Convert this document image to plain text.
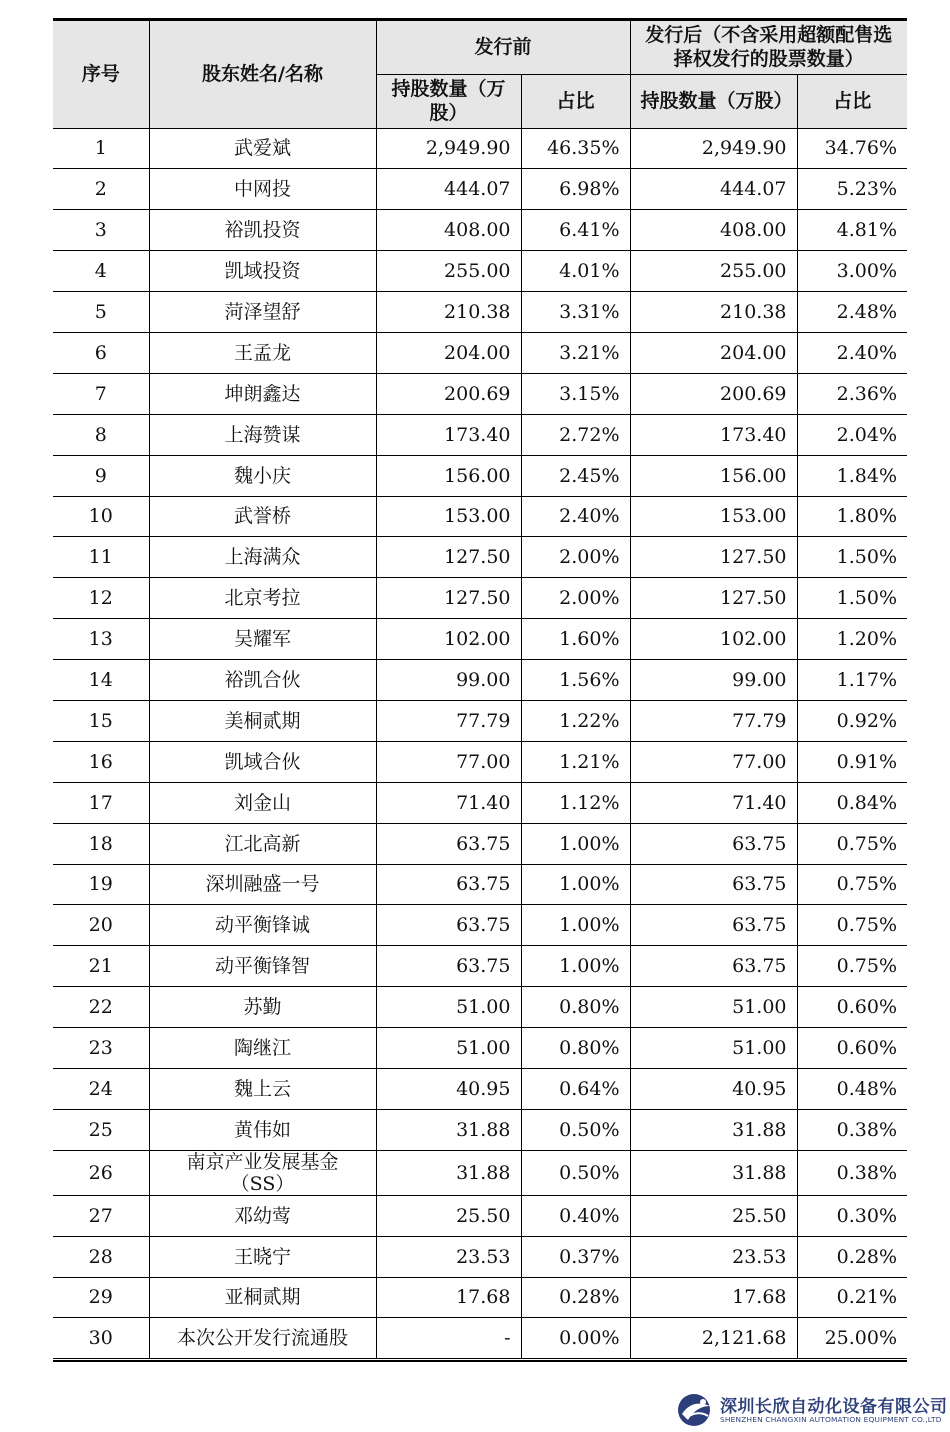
序号	股东姓名/名称	发行前		发行后（不含采用超额配售选择权发行的股票数量）	
		持股数量（万股）	占比	持股数量（万股）	占比
1	武爱斌	2,949.90	46.35%	2,949.90	34.76%
2	中网投	444.07	6.98%	444.07	5.23%
3	裕凯投资	408.00	6.41%	408.00	4.81%
4	凯域投资	255.00	4.01%	255.00	3.00%
5	菏泽望舒	210.38	3.31%	210.38	2.48%
6	王孟龙	204.00	3.21%	204.00	2.40%
7	坤朗鑫达	200.69	3.15%	200.69	2.36%
8	上海赞谋	173.40	2.72%	173.40	2.04%
9	魏小庆	156.00	2.45%	156.00	1.84%
10	武誉桥	153.00	2.40%	153.00	1.80%
11	上海满众	127.50	2.00%	127.50	1.50%
12	北京考拉	127.50	2.00%	127.50	1.50%
13	吴耀军	102.00	1.60%	102.00	1.20%
14	裕凯合伙	99.00	1.56%	99.00	1.17%
15	美桐贰期	77.79	1.22%	77.79	0.92%
16	凯域合伙	77.00	1.21%	77.00	0.91%
17	刘金山	71.40	1.12%	71.40	0.84%
18	江北高新	63.75	1.00%	63.75	0.75%
19	深圳融盛一号	63.75	1.00%	63.75	0.75%
20	动平衡锋诚	63.75	1.00%	63.75	0.75%
21	动平衡锋智	63.75	1.00%	63.75	0.75%
22	苏勤	51.00	0.80%	51.00	0.60%
23	陶继江	51.00	0.80%	51.00	0.60%
24	魏上云	40.95	0.64%	40.95	0.48%
25	黄伟如	31.88	0.50%	31.88	0.38%
26	南京产业发展基金（SS）	31.88	0.50%	31.88	0.38%
27	邓幼莺	25.50	0.40%	25.50	0.30%
28	王晓宁	23.53	0.37%	23.53	0.28%
29	亚桐贰期	17.68	0.28%	17.68	0.21%
30	本次公开发行流通股	-	0.00%	2,121.68	25.00%
深圳长欣自动化设备有限公司
SHENZHEN CHANGXIN AUTOMATION EQUIPMENT CO.,LTD
